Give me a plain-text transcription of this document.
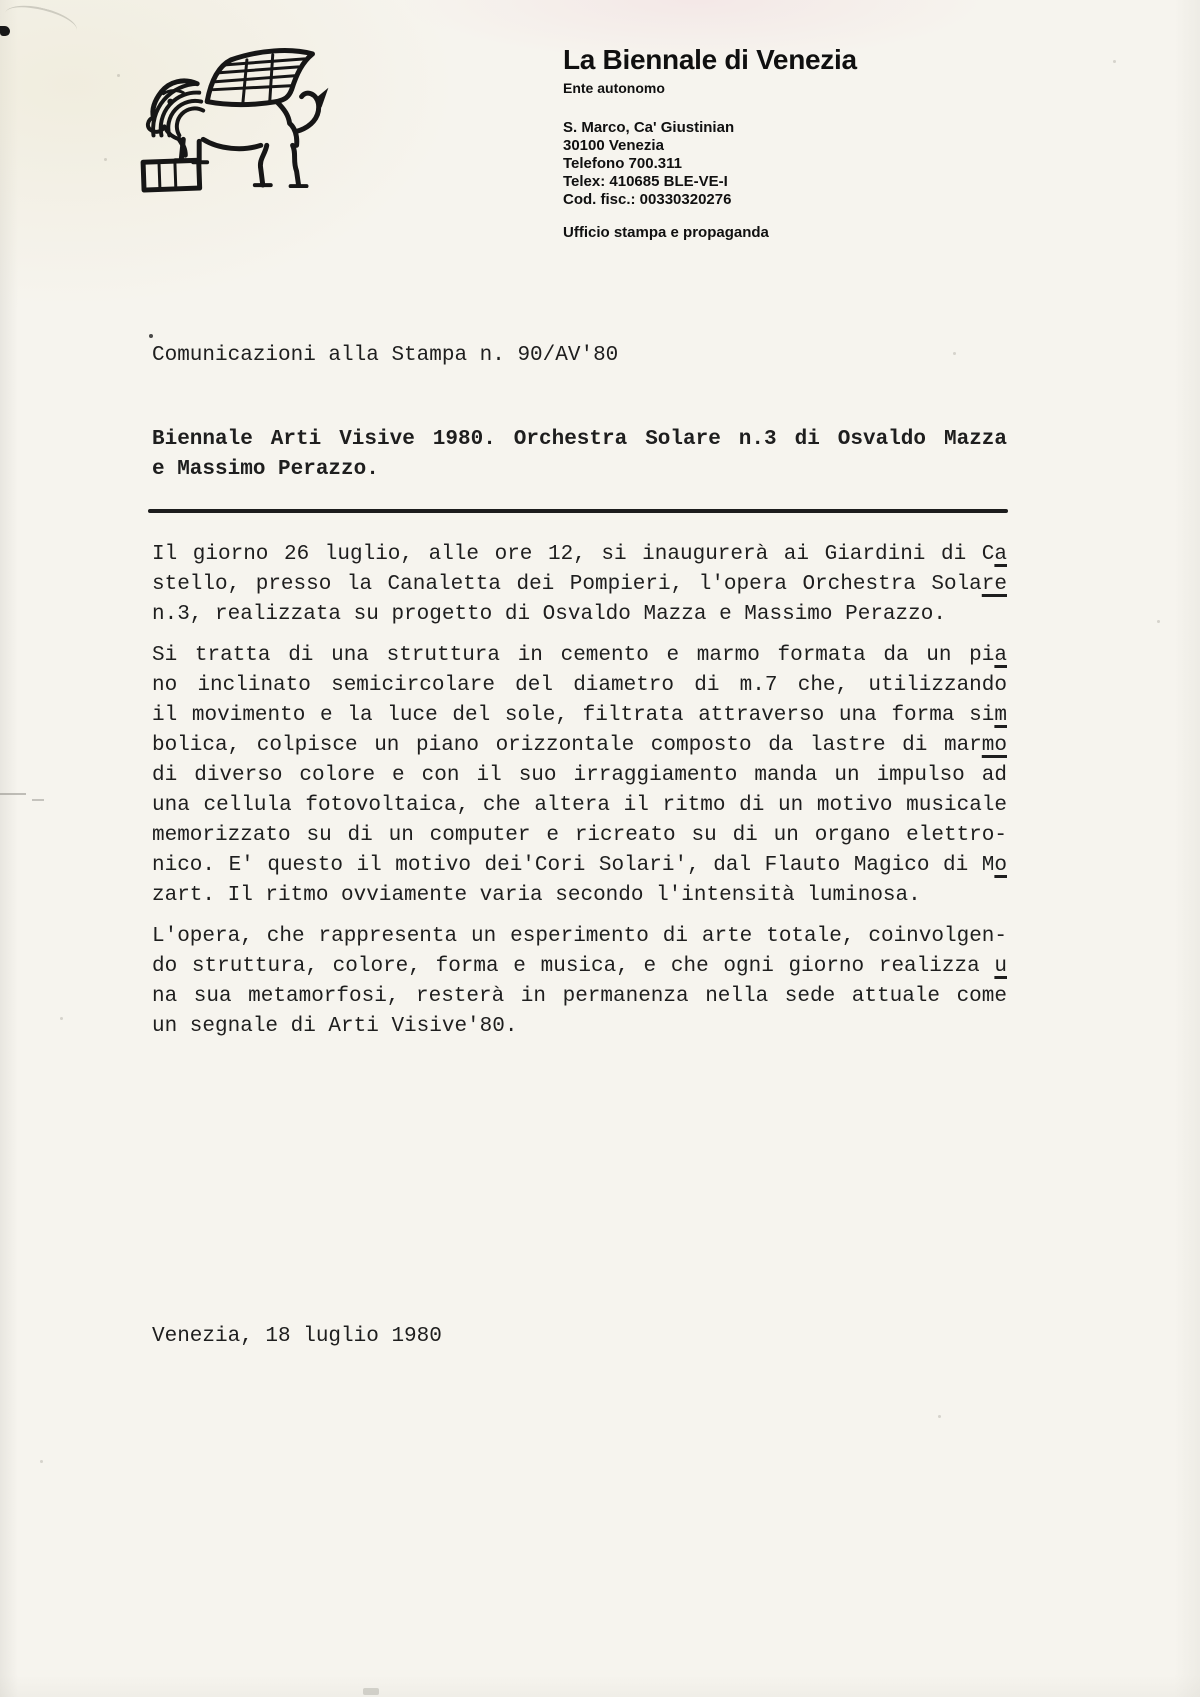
La Biennale di Venezia
Ente autonomo
S. Marco, Ca' Giustinian
30100 Venezia
Telefono 700.311
Telex: 410685 BLE-VE-I
Cod. fisc.: 00330320276
Ufficio stampa e propaganda
Comunicazioni alla Stampa n. 90/AV'80
Biennale Arti Visive 1980. Orchestra Solare n.3 di Osvaldo Mazza
e Massimo Perazzo.
Il giorno 26 luglio, alle ore 12, si inaugurerà ai Giardini di Ca
stello, presso la Canaletta dei Pompieri, l'opera Orchestra Solare
n.3, realizzata su progetto di Osvaldo Mazza e Massimo Perazzo.
Si tratta di una struttura in cemento e marmo formata da un pia
no inclinato semicircolare del diametro di m.7 che, utilizzando
il movimento e la luce del sole, filtrata attraverso una forma sim
bolica, colpisce un piano orizzontale composto da lastre di marmo
di diverso colore e con il suo irraggiamento manda un impulso ad
una cellula fotovoltaica, che altera il ritmo di un motivo musicale
memorizzato su di un computer e ricreato su di un organo elettro-
nico. E' questo il motivo dei'Cori Solari', dal Flauto Magico di Mo
zart. Il ritmo ovviamente varia secondo l'intensità luminosa.
L'opera, che rappresenta un esperimento di arte totale, coinvolgen-
do struttura, colore, forma e musica, e che ogni giorno realizza u
na sua metamorfosi, resterà in permanenza nella sede attuale come
un segnale di Arti Visive'80.
Venezia, 18 luglio 1980
